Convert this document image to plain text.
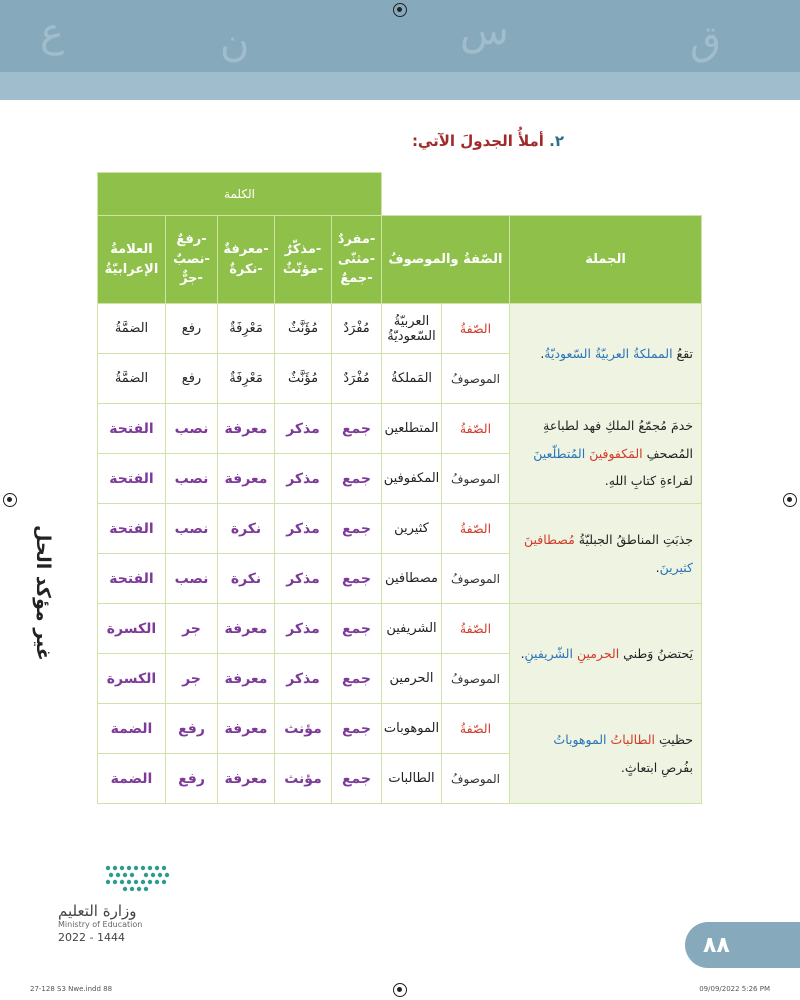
ع	ن	س	ق
٢. أملأُ الجدولَ الآتي:
			الكلمة				
الجملة	الصّفةُ والموصوفُ		-مفردٌ -مثنّى -جمعٌ	-مذكّرٌ -مؤنّثٌ	-معرفةٌ -نكرةٌ	-رفعٌ -نصبٌ -جرٌّ	العلامةُ الإعرابيّةُ
تقعُ المملكةُ العربيّةُ السّعوديّةُ.	الصّفةُ	العربيّةُ السّعوديّةُ	مُفْرَدٌ	مُؤَنَّثٌ	مَعْرِفَةٌ	رفع	الضمَّةُ
	الموصوفُ	المَملكةُ	مُفْرَدٌ	مُؤَنَّثٌ	مَعْرِفَةٌ	رفع	الضمَّةُ
خدمَ مُجمّعُ الملكِ فهد لطباعةِ المُصحفِ المَكفوفينَ المُتطلّعينَ لقراءةِ كتابِ اللهِ.	الصّفةُ	المتطلعين	جمع	مذكر	معرفة	نصب	الفتحة
	الموصوفُ	المكفوفين	جمع	مذكر	معرفة	نصب	الفتحة
جذبَتِ المناطقُ الجبليّةُ مُصطافينَ كثيرينَ.	الصّفةُ	كثيرين	جمع	مذكر	نكرة	نصب	الفتحة
	الموصوفُ	مصطافين	جمع	مذكر	نكرة	نصب	الفتحة
يَحتضنُ وَطني الحرمينِ الشّريفينِ.	الصّفةُ	الشريفين	جمع	مذكر	معرفة	جر	الكسرة
	الموصوفُ	الحرمين	جمع	مذكر	معرفة	جر	الكسرة
حظيتِ الطالباتُ الموهوباتُ بفُرصِ ابتعاثٍ.	الصّفةُ	الموهوبات	جمع	مؤنث	معرفة	رفع	الضمة
	الموصوفُ	الطالبات	جمع	مؤنث	معرفة	رفع	الضمة
غير مؤكد الحل
وزارة التعليم
Ministry of Education
2022 - 1444	٨٨
27-128 S3 Nwe.indd 88	09/09/2022 5:26 PM
